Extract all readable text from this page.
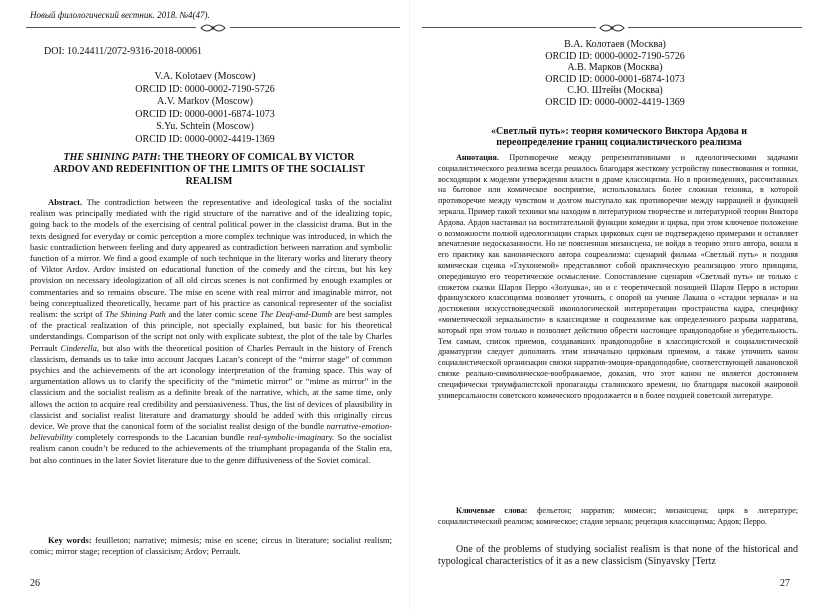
Новый филологический вестник. 2018. №4(47).
DOI: 10.24411/2072-9316-2018-00061
V.A. Kolotaev (Moscow)
ORCID ID: 0000-0002-7190-5726
A.V. Markov (Moscow)
ORCID ID: 0000-0001-6874-1073
S.Yu. Schtein (Moscow)
ORCID ID: 0000-0002-4419-1369
THE SHINING PATH: THE THEORY OF COMICAL BY VICTOR ARDOV AND REDEFINITION OF THE LIMITS OF THE SOCIALIST REALISM

Abstract. The contradiction between the representative and ideological tasks of the socialist realism was principally mediated with the rigid structure of the narrative and of the idealizing topic, going back to the models of the exercising of central political power in the classicist drama. But in the texts designed for everyday or comic perception a more complex technique was introduced, in which the basic contradiction between feeling and duty appeared as contradiction between narration and symbolic function of a mirror. We find a good example of such technique in the literary works and literary theory of Viktor Ardov. Ardov insisted on educational function of the comedy and the circus, but his key provision on necessary ideologization of all old circus scenes is not confirmed by enough examples or commentaries and so remains obscure. The mise en scene with real mirror and imaginable mirror, not being conceptualized theoretically, became part of his practice as canonical representer of the socialist realism: the script of The Shining Path and the later comic scene The Deaf-and-Dumb are best samples of the practical realization of this principle, not specially explained, but basic for his theoretical understandings. Comparison of the script not only with explicate subtext, the plot of the tale by Charles Perrault Cinderella, but also with the theoretical position of Charles Perrault in the history of French classicism, demands us to take into account Jacques Lacan’s concept of the “mirror stage” of common psychics and the achievements of the art iconology interpretation of the framing space. This way of argumentation allows us to clarify the specificity of the “mimetic mirror” or “mime as mirror” in the classicism and the socialist realism as a definite break of the narrative, which, at the same time, only allows the action to acquire real credibility and persuasiveness. Thus, the list of devices of plausibility in classicist and socialist realist literature and dramaturgy should be added with this originally circus device. We prove that the canonical form of the socialist realist design of the bundle narrative-emotion-believability completely corresponds to the Lacanian bundle real-symbolic-imaginary. So the socialist realism canon coudn’t be reduced to the achievements of the triumphant propaganda of the Stalin era, but also continues in the later Soviet literature due to the genre diffusiveness of the Soviet comical.

Key words: feuilleton; narrative; mimesis; mise en scene; circus in literature; socialist realism; comic; mirror stage; reception of classicism; Ardov; Perrault.

26
В.А. Колотаев (Москва)
ORCID ID: 0000-0002-7190-5726
А.В. Марков (Москва)
ORCID ID: 0000-0001-6874-1073
С.Ю. Штейн (Москва)
ORCID ID: 0000-0002-4419-1369
«Светлый путь»: теория комического Виктора Ардова и переопределение границ социалистического реализма

Аннотация. Противоречие между репрезентативными и идеологическими задачами социалистического реализма всегда решалось благодаря жесткому устройству повествования и топики, восходящим к моделям утверждения власти в драме классицизма. Но в произведениях, рассчитанных на бытовое или комическое восприятие, использовалась более сложная техника, в которой противоречие между чувством и долгом выступало как противоречие между наррацией и функцией зеркала. Пример такой техники мы находим в литературном творчестве и литературной теории Виктора Ардова. Ардов настаивал на воспитательной функции комедии и цирка, при этом ключевое положение о возможности полной идеологизации старых цирковых сцен не подтверждено примерами и оставляет впечатление недосказанности. Но не поясненная мизансцена, не войдя в теорию этого автора, вошла в его практику как канонического автора соцреализма: сценарий фильма «Светлый путь» и поздняя комическая сценка «Глухонемой» представляют собой практическую реализацию этого принципа, опередившую его теоретическое осмысление. Сопоставление сценария «Светлый путь» не только с сюжетом сказки Шарля Перро «Золушка», но и с теоретической позицией Шарля Перро в истории французского классицизма позволяет уточнить, с опорой на учение Лакана о «стадии зеркала» и на достижения искусствоведческой иконологической интерпретации пространства кадра, специфику «миметической зеркальности» в классицизме и соцреализме как определенного разрыва нарратива, который при этом только и позволяет действию обрести настоящее правдоподобие и убедительность. Тем самым, список приемов, создававших правдоподобие в классицистской и социалистической драматургии следует дополнить этим изначально цирковым приемом, а также уточнить канон социалистической организации связки нарратив-эмоция-правдоподобие, соответствующей лакановской связке реально-символическое-воображаемое, доказав, что этот канон не является достоянием специфически триумфалистской пропаганды сталинского времени, но благодаря высокой жанровой универсальности советского комического продолжается и в более поздней советской литературе.

Ключевые слова: фельетон; нарратив; мимесис; мизансцена; цирк в литературе; социалистический реализм; комическое; стадия зеркала; рецепция классицизма; Ардов; Перро.

One of the problems of studying socialist realism is that none of the historical and typological characteristics of it as a new classicism (Sinyavsky [Tertz

27
